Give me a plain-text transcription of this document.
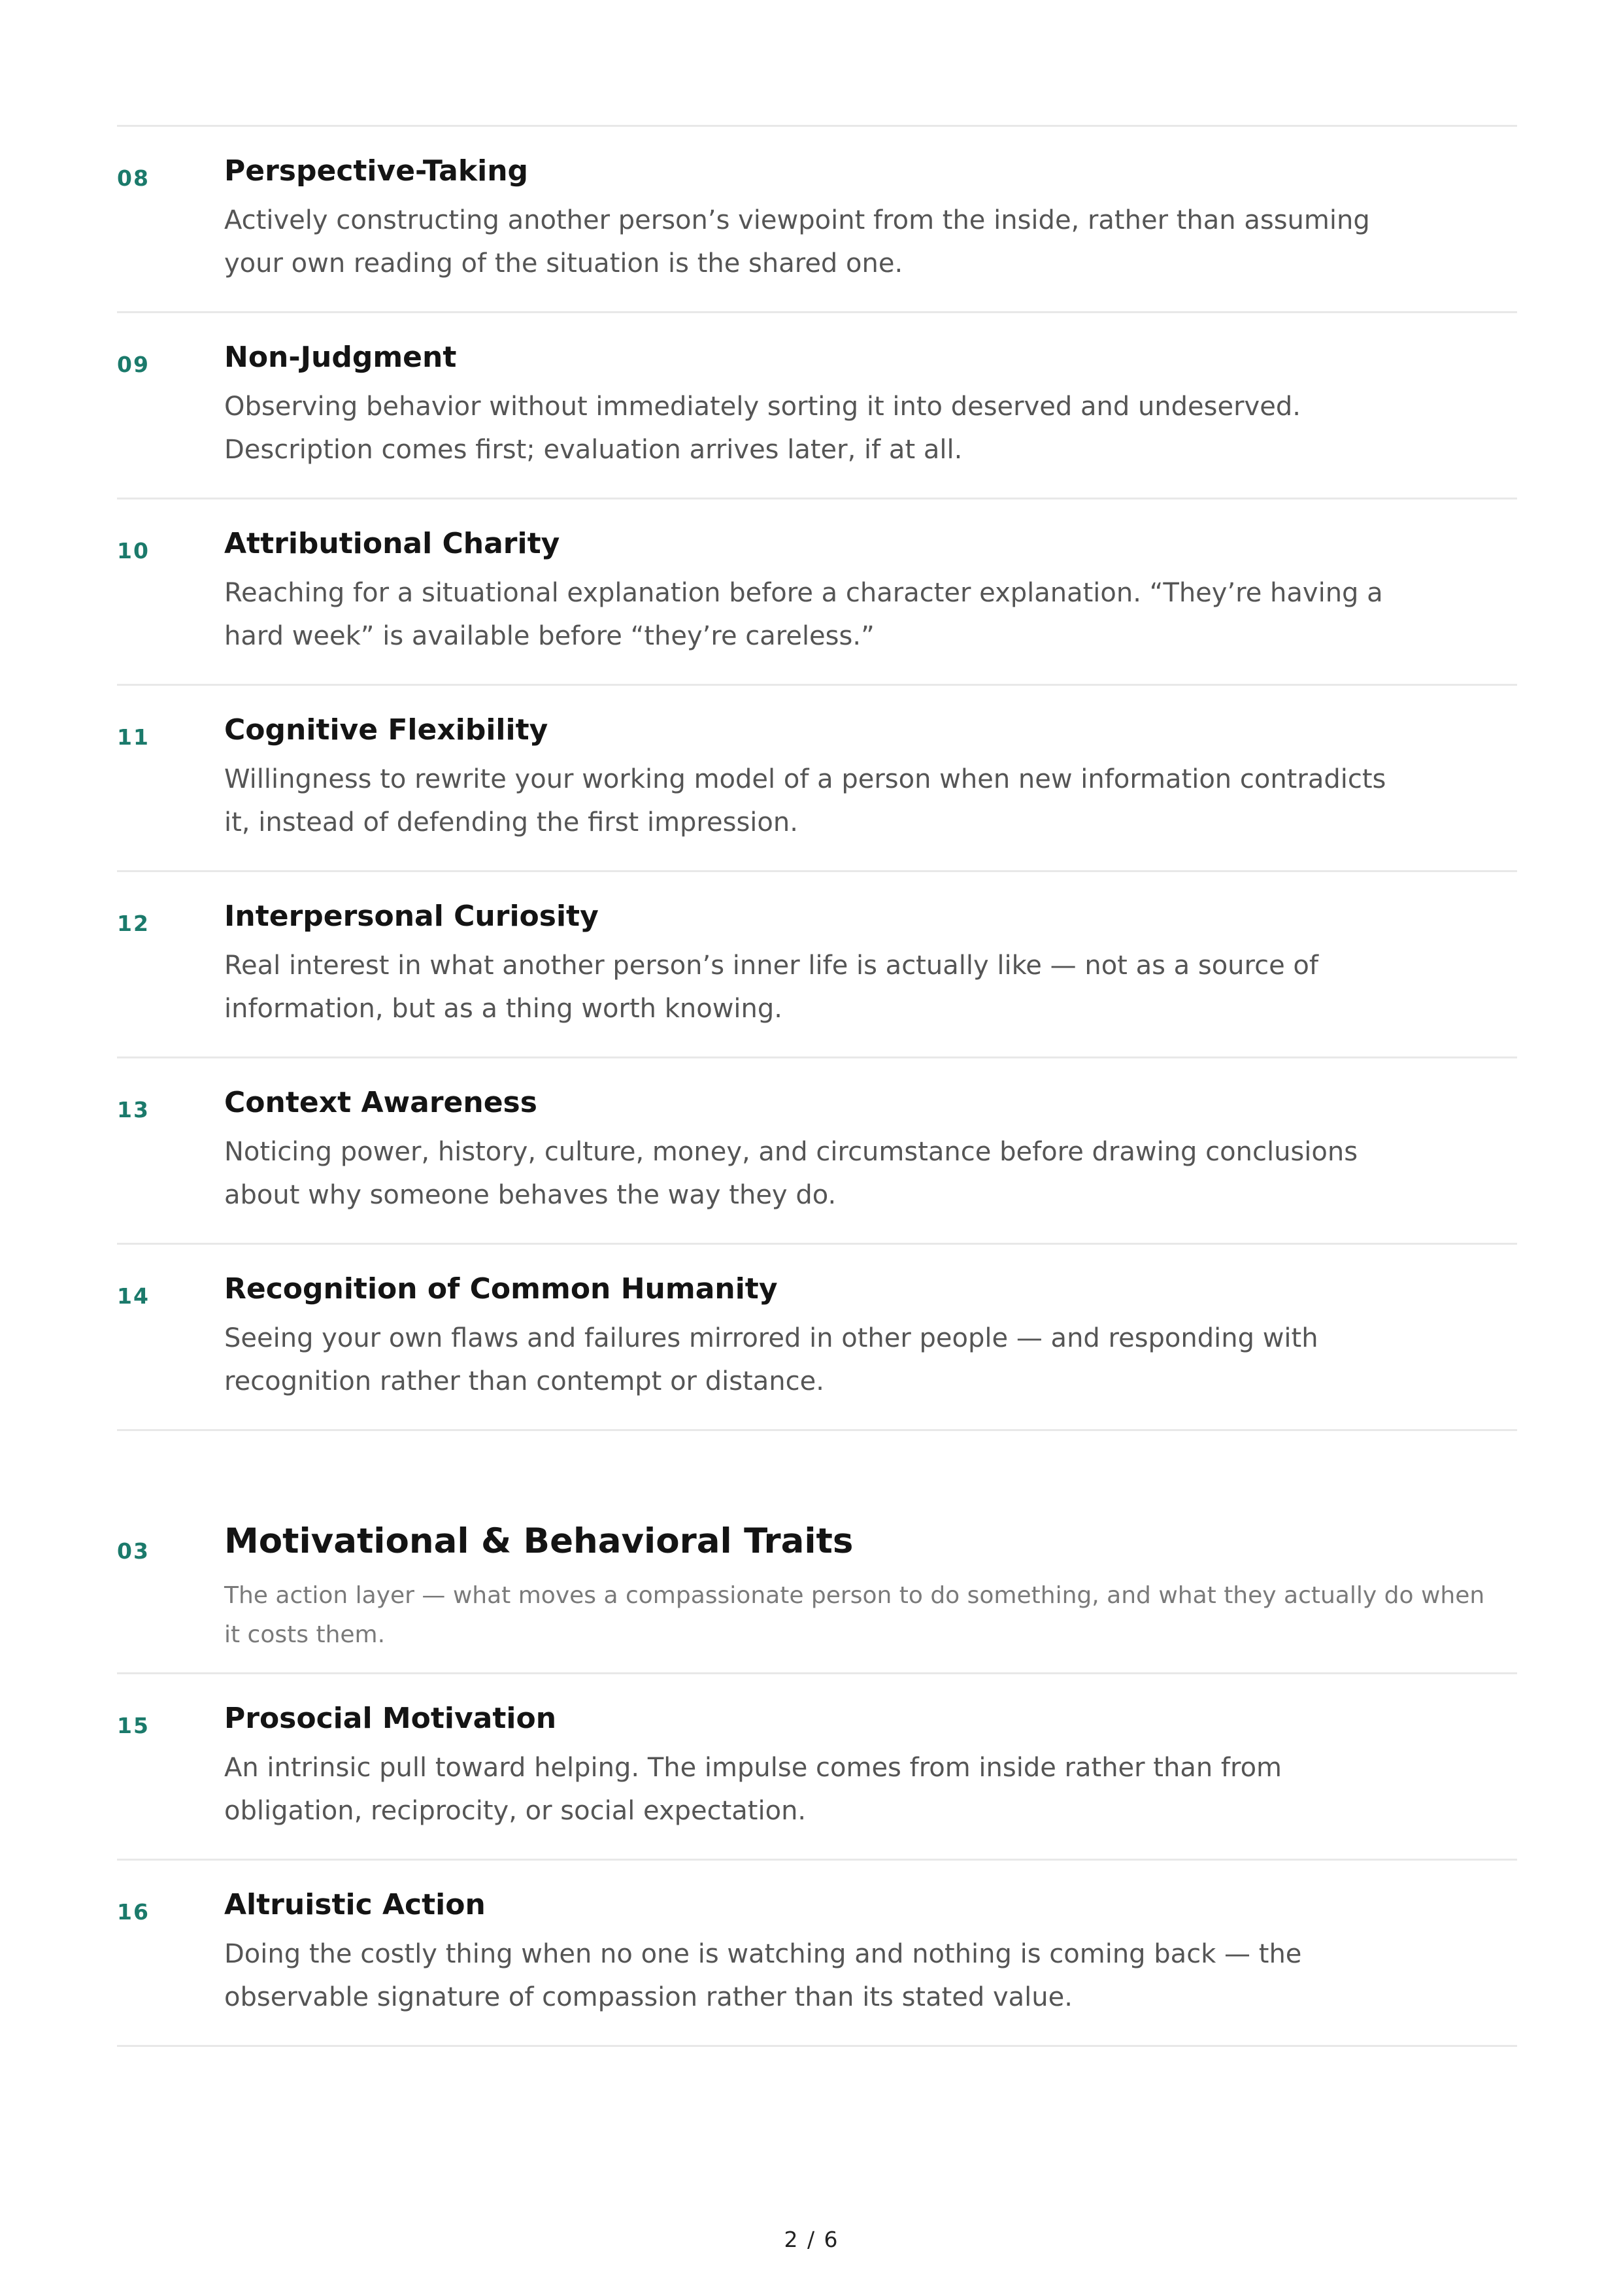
08	Perspective-Taking
Actively constructing another person’s viewpoint from the inside, rather than assuming your own reading of the situation is the shared one.
09	Non-Judgment
Observing behavior without immediately sorting it into deserved and undeserved. Description comes first; evaluation arrives later, if at all.
10	Attributional Charity
Reaching for a situational explanation before a character explanation. “They’re having a hard week” is available before “they’re careless.”
11	Cognitive Flexibility
Willingness to rewrite your working model of a person when new information contradicts it, instead of defending the first impression.
12	Interpersonal Curiosity
Real interest in what another person’s inner life is actually like — not as a source of information, but as a thing worth knowing.
13	Context Awareness
Noticing power, history, culture, money, and circumstance before drawing conclusions about why someone behaves the way they do.
14	Recognition of Common Humanity
Seeing your own flaws and failures mirrored in other people — and responding with recognition rather than contempt or distance.
03 Motivational & Behavioral Traits
The action layer — what moves a compassionate person to do something, and what they actually do when it costs them.
15	Prosocial Motivation
An intrinsic pull toward helping. The impulse comes from inside rather than from obligation, reciprocity, or social expectation.
16	Altruistic Action
Doing the costly thing when no one is watching and nothing is coming back — the observable signature of compassion rather than its stated value.
2 / 6
